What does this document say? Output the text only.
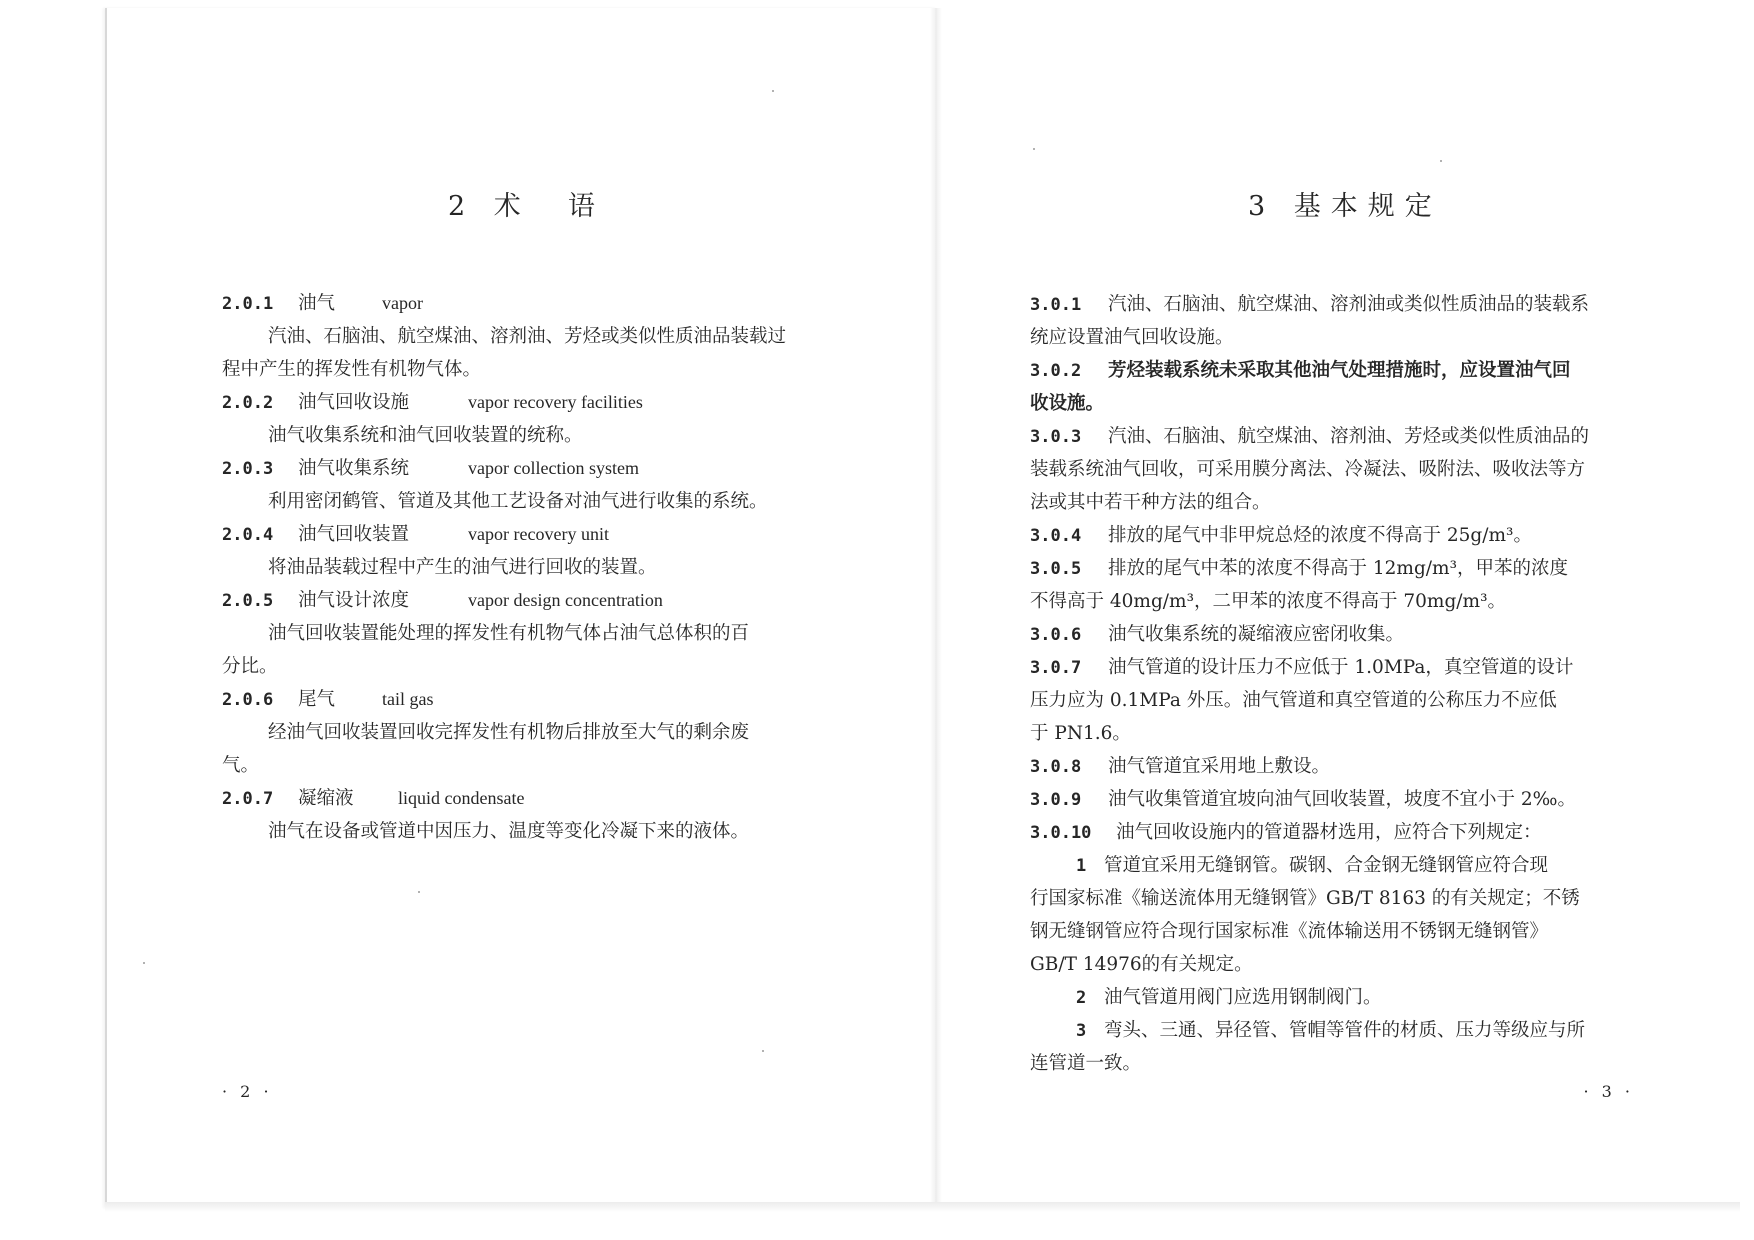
2 术  语
2.0.1 油气	vapor
汽油、石脑油、航空煤油、溶剂油、芳烃或类似性质油品装载过
程中产生的挥发性有机物气体。
2.0.2 油气回收设施	vapor recovery facilities
油气收集系统和油气回收装置的统称。
2.0.3 油气收集系统	vapor collection system
利用密闭鹤管、管道及其他工艺设备对油气进行收集的系统。
2.0.4 油气回收装置	vapor recovery unit
将油品装载过程中产生的油气进行回收的装置。
2.0.5 油气设计浓度	vapor design concentration
油气回收装置能处理的挥发性有机物气体占油气总体积的百
分比。
2.0.6 尾气	tail gas
经油气回收装置回收完挥发性有机物后排放至大气的剩余废
气。
2.0.7 凝缩液 liquid condensate
油气在设备或管道中因压力、温度等变化冷凝下来的液体。
· 2 ·
3 基本规定
3.0.1 汽油、石脑油、航空煤油、溶剂油或类似性质油品的装载系
统应设置油气回收设施。
3.0.2 芳烃装载系统未采取其他油气处理措施时，应设置油气回
收设施。
3.0.3 汽油、石脑油、航空煤油、溶剂油、芳烃或类似性质油品的
装载系统油气回收，可采用膜分离法、冷凝法、吸附法、吸收法等方
法或其中若干种方法的组合。
3.0.4 排放的尾气中非甲烷总烃的浓度不得高于 25g/m³。
3.0.5 排放的尾气中苯的浓度不得高于 12mg/m³，甲苯的浓度
不得高于 40mg/m³，二甲苯的浓度不得高于 70mg/m³。
3.0.6 油气收集系统的凝缩液应密闭收集。
3.0.7 油气管道的设计压力不应低于 1.0MPa，真空管道的设计
压力应为 0.1MPa 外压。油气管道和真空管道的公称压力不应低
于 PN1.6。
3.0.8 油气管道宜采用地上敷设。
3.0.9 油气收集管道宜坡向油气回收装置，坡度不宜小于 2‰。
3.0.10 油气回收设施内的管道器材选用，应符合下列规定：
1 管道宜采用无缝钢管。碳钢、合金钢无缝钢管应符合现
行国家标准《输送流体用无缝钢管》GB/T 8163 的有关规定；不锈
钢无缝钢管应符合现行国家标准《流体输送用不锈钢无缝钢管》
GB/T 14976的有关规定。
2 油气管道用阀门应选用钢制阀门。
3 弯头、三通、异径管、管帽等管件的材质、压力等级应与所
连管道一致。
· 3 ·
